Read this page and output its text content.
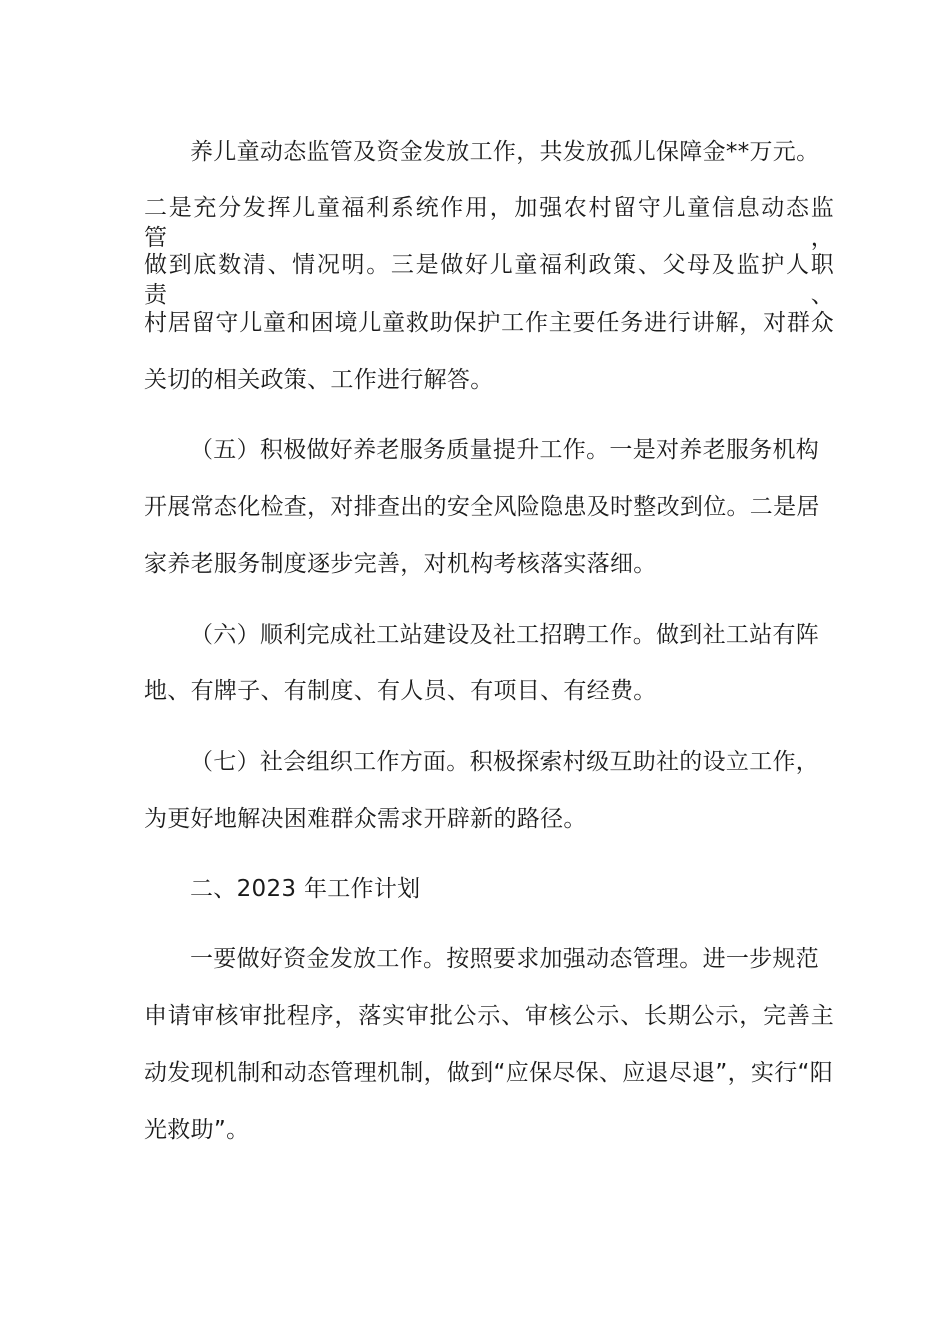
养儿童动态监管及资金发放工作，共发放孤儿保障金**万元。
二是充分发挥儿童福利系统作用，加强农村留守儿童信息动态监管，
做到底数清、情况明。三是做好儿童福利政策、父母及监护人职责、
村居留守儿童和困境儿童救助保护工作主要任务进行讲解，对群众
关切的相关政策、工作进行解答。
（五）积极做好养老服务质量提升工作。一是对养老服务机构
开展常态化检查，对排查出的安全风险隐患及时整改到位。二是居
家养老服务制度逐步完善，对机构考核落实落细。
（六）顺利完成社工站建设及社工招聘工作。做到社工站有阵
地、有牌子、有制度、有人员、有项目、有经费。
（七）社会组织工作方面。积极探索村级互助社的设立工作，
为更好地解决困难群众需求开辟新的路径。
二、2023 年工作计划
一要做好资金发放工作。按照要求加强动态管理。进一步规范
申请审核审批程序，落实审批公示、审核公示、长期公示，完善主
动发现机制和动态管理机制，做到“应保尽保、应退尽退”，实行“阳
光救助”。
